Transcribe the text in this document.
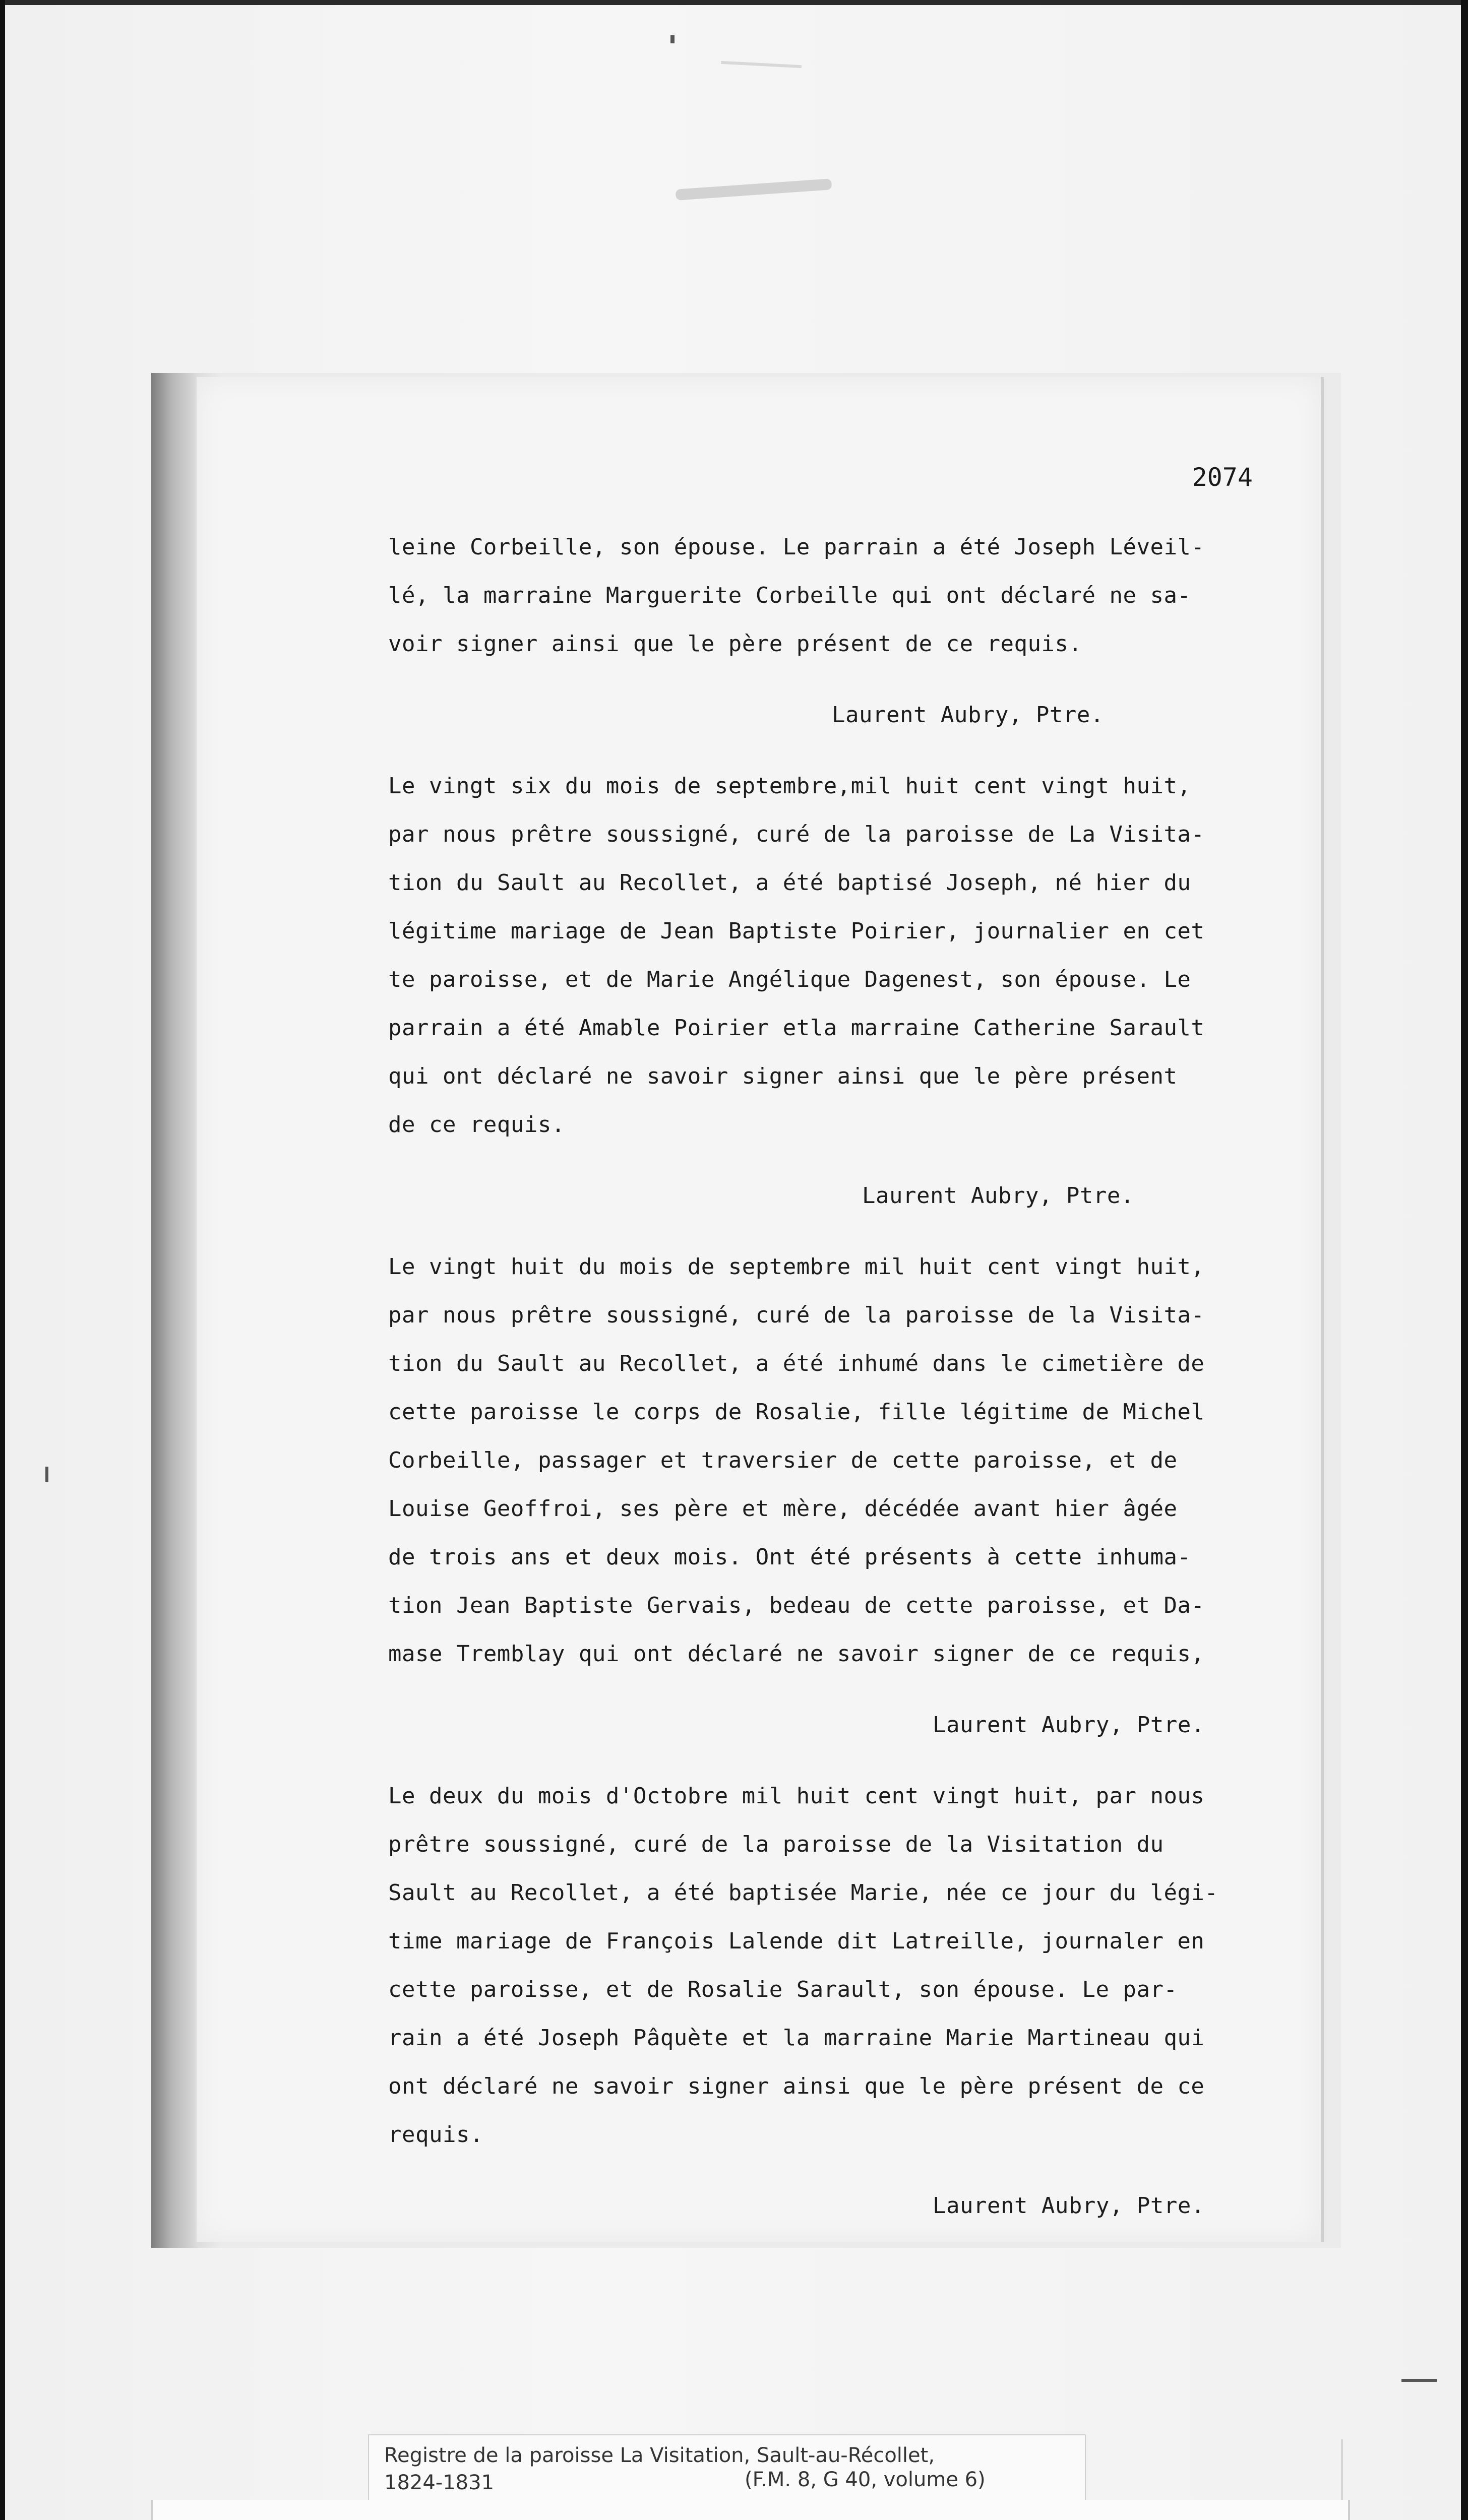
2074
leine Corbeille, son épouse. Le parrain a été Joseph Léveil-
lé, la marraine Marguerite Corbeille qui ont déclaré ne sa-
voir signer ainsi que le père présent de ce requis.
Laurent Aubry, Ptre.
Le vingt six du mois de septembre,mil huit cent vingt huit,
par nous prêtre soussigné, curé de la paroisse de La Visita-
tion du Sault au Recollet, a été baptisé Joseph, né hier du
légitime mariage de Jean Baptiste Poirier, journalier en cet
te paroisse, et de Marie Angélique Dagenest, son épouse. Le
parrain a été Amable Poirier etla marraine Catherine Sarault
qui ont déclaré ne savoir signer ainsi que le père présent
de ce requis.
Laurent Aubry, Ptre.
Le vingt huit du mois de septembre mil huit cent vingt huit,
par nous prêtre soussigné, curé de la paroisse de la Visita-
tion du Sault au Recollet, a été inhumé dans le cimetière de
cette paroisse le corps de Rosalie, fille légitime de Michel
Corbeille, passager et traversier de cette paroisse, et de
Louise Geoffroi, ses père et mère, décédée avant hier âgée
de trois ans et deux mois. Ont été présents à cette inhuma-
tion Jean Baptiste Gervais, bedeau de cette paroisse, et Da-
mase Tremblay qui ont déclaré ne savoir signer de ce requis,
Laurent Aubry, Ptre.
Le deux du mois d'Octobre mil huit cent vingt huit, par nous
prêtre soussigné, curé de la paroisse de la Visitation du
Sault au Recollet, a été baptisée Marie, née ce jour du légi-
time mariage de François Lalende dit Latreille, journaler en
cette paroisse, et de Rosalie Sarault, son épouse. Le par-
rain a été Joseph Pâquète et la marraine Marie Martineau qui
ont déclaré ne savoir signer ainsi que le père présent de ce
requis.
Laurent Aubry, Ptre.
Registre de la paroisse La Visitation, Sault-au-Récollet,
1824-1831	(F.M. 8, G 40, volume 6)
